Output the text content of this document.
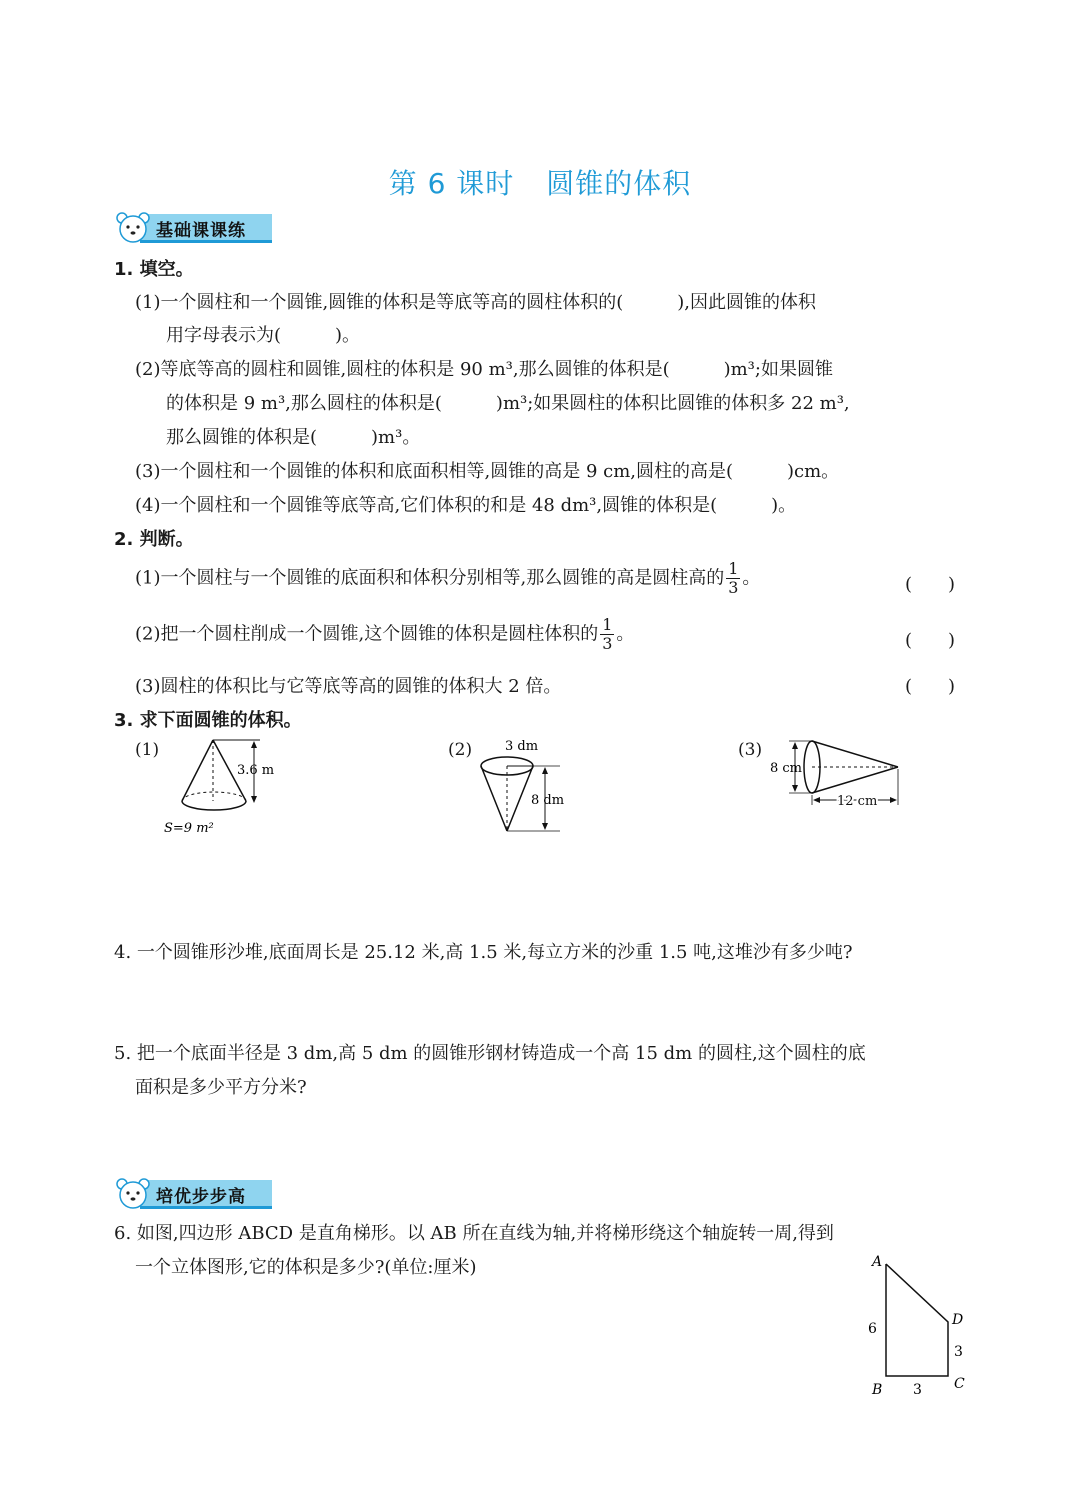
第 6 课时 圆锥的体积
基础课课练
1. 填空。
(1)一个圆柱和一个圆锥,圆锥的体积是等底等高的圆柱体积的(　　　),因此圆锥的体积
用字母表示为(　　　)。
(2)等底等高的圆柱和圆锥,圆柱的体积是 90 m³,那么圆锥的体积是(　　　)m³;如果圆锥
的体积是 9 m³,那么圆柱的体积是(　　　)m³;如果圆柱的体积比圆锥的体积多 22 m³,
那么圆锥的体积是(　　　)m³。
(3)一个圆柱和一个圆锥的体积和底面积相等,圆锥的高是 9 cm,圆柱的高是(　　　)cm。
(4)一个圆柱和一个圆锥等底等高,它们体积的和是 48 dm³,圆锥的体积是(　　　)。
2. 判断。
(1)一个圆柱与一个圆锥的底面积和体积分别相等,那么圆锥的高是圆柱高的 $\frac{1}{3}$ 。	(　　)
(2)把一个圆柱削成一个圆锥,这个圆锥的体积是圆柱体积的 $\frac{1}{3}$ 。	(　　)
(3)圆柱的体积比与它等底等高的圆锥的体积大 2 倍。	(　　)
3. 求下面圆锥的体积。
(1)
3.6 m
S=9 m²
(2)	3 dm
8 dm
(3)
8 cm
12 cm
4. 一个圆锥形沙堆,底面周长是 25.12 米,高 1.5 米,每立方米的沙重 1.5 吨,这堆沙有多少吨?
5. 把一个底面半径是 3 dm,高 5 dm 的圆锥形钢材铸造成一个高 15 dm 的圆柱,这个圆柱的底
面积是多少平方分米?
培优步步高
6. 如图,四边形 ABCD 是直角梯形。以 AB 所在直线为轴,并将梯形绕这个轴旋转一周,得到
一个立体图形,它的体积是多少?(单位:厘米)	A
B	C
D
6
3
3
